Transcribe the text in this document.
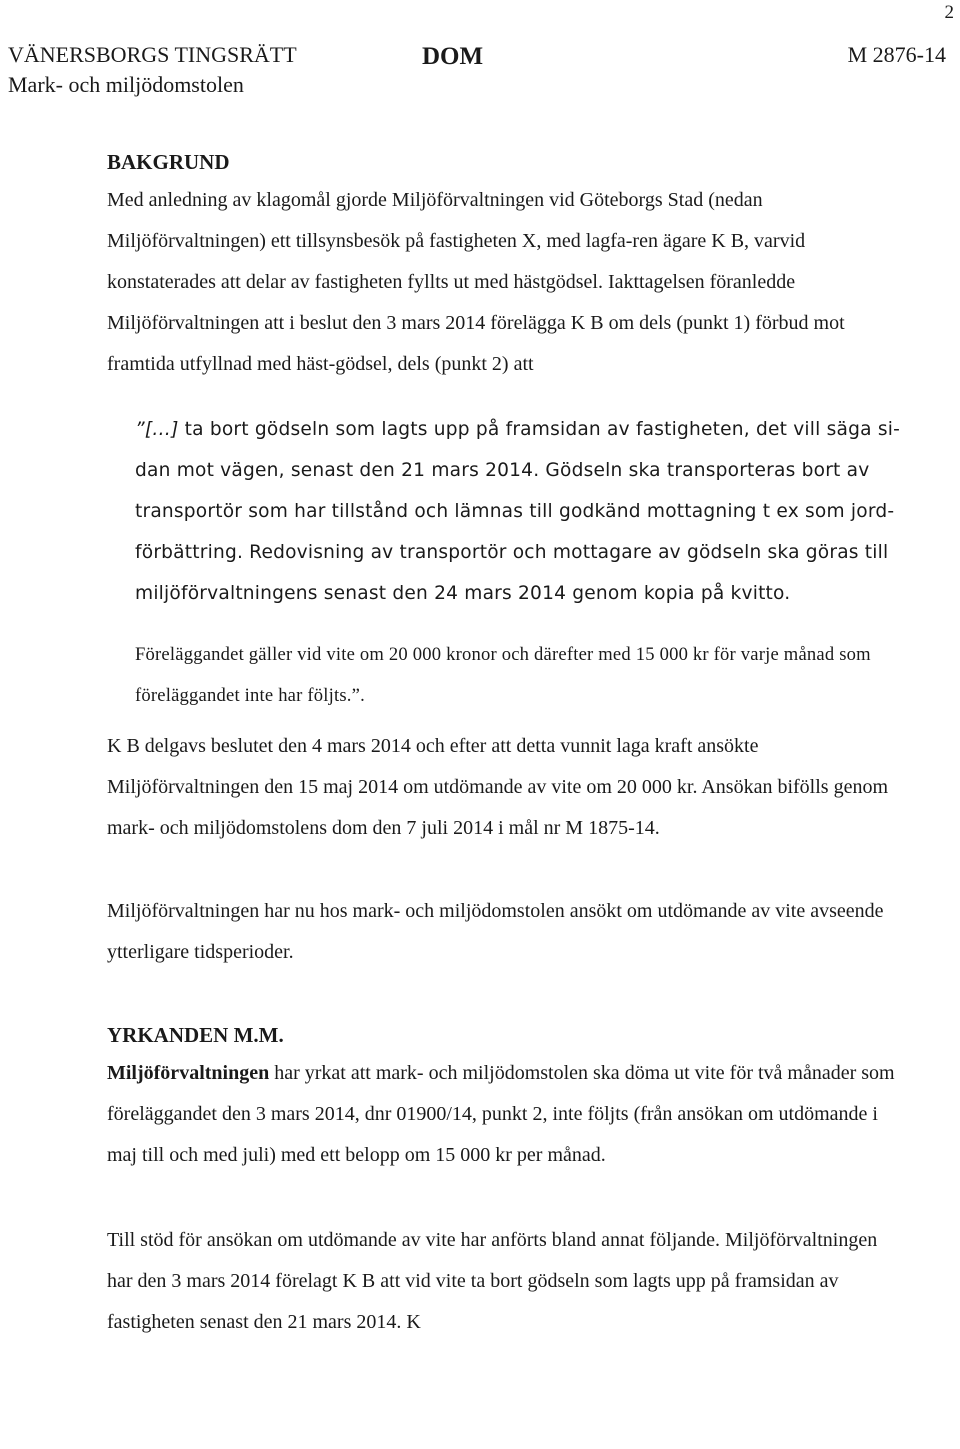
2
VÄNERSBORGS TINGSRÄTT
Mark- och miljödomstolen
DOM	M 2876-14
BAKGRUND

Med anledning av klagomål gjorde Miljöförvaltningen vid Göteborgs Stad (nedan Miljöförvaltningen) ett tillsynsbesök på fastigheten X, med lagfa-ren ägare K B, varvid konstaterades att delar av fastigheten fyllts ut med hästgödsel. Iakttagelsen föranledde Miljöförvaltningen att i beslut den 3 mars 2014 förelägga K B om dels (punkt 1) förbud mot framtida utfyllnad med häst-gödsel, dels (punkt 2) att

”[…] ta bort gödseln som lagts upp på framsidan av fastigheten, det vill säga si-dan mot vägen, senast den 21 mars 2014. Gödseln ska transporteras bort av transportör som har tillstånd och lämnas till godkänd mottagning t ex som jord-förbättring. Redovisning av transportör och mottagare av gödseln ska göras till miljöförvaltningens senast den 24 mars 2014 genom kopia på kvitto.

Föreläggandet gäller vid vite om 20 000 kronor och därefter med 15 000 kr för varje månad som föreläggandet inte har följts.”.

K B delgavs beslutet den 4 mars 2014 och efter att detta vunnit laga kraft ansökte Miljöförvaltningen den 15 maj 2014 om utdömande av vite om 20 000 kr. Ansökan bifölls genom mark- och miljödomstolens dom den 7 juli 2014 i mål nr M 1875-14.

Miljöförvaltningen har nu hos mark- och miljödomstolen ansökt om utdömande av vite avseende ytterligare tidsperioder.

YRKANDEN M.M.

Miljöförvaltningen har yrkat att mark- och miljödomstolen ska döma ut vite för två månader som föreläggandet den 3 mars 2014, dnr 01900/14, punkt 2, inte följts (från ansökan om utdömande i maj till och med juli) med ett belopp om 15 000 kr per månad.

Till stöd för ansökan om utdömande av vite har anförts bland annat följande. Miljöförvaltningen har den 3 mars 2014 förelagt K B att vid vite ta bort gödseln som lagts upp på framsidan av fastigheten senast den 21 mars 2014. K
